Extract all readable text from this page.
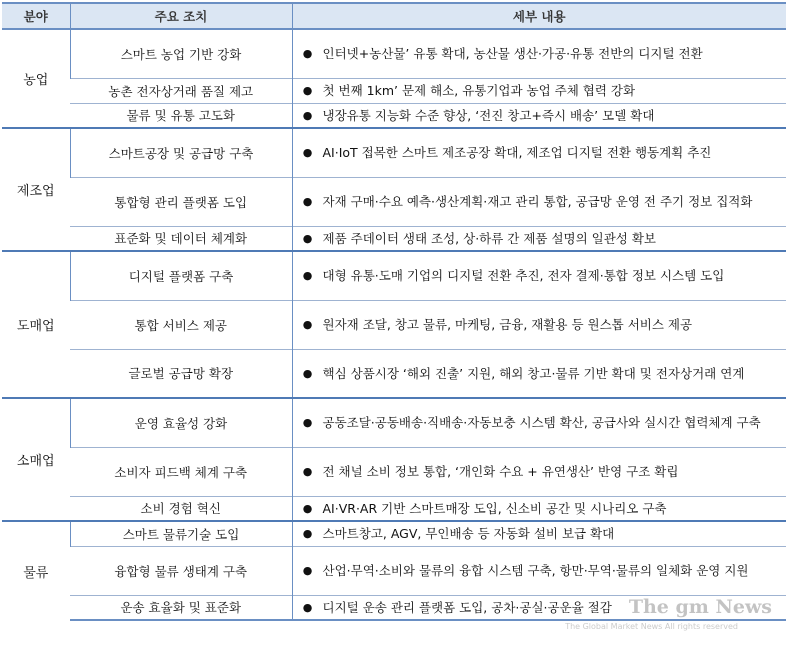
분야	주요 조치	세부 내용
농업	스마트 농업 기반 강화	● 인터넷+농산물’ 유통 확대, 농산물 생산·가공·유통 전반의 디지털 전환

	농촌 전자상거래 품질 제고	● 첫 번째 1km’ 문제 해소, 유통기업과 농업 주체 협력 강화

	물류 및 유통 고도화	● 냉장유통 지능화 수준 향상, ‘전진 창고+즉시 배송’ 모델 확대

제조업	스마트공장 및 공급망 구축	● AI·IoT 접목한 스마트 제조공장 확대, 제조업 디지털 전환 행동계획 추진

	통합형 관리 플랫폼 도입	● 자재 구매·수요 예측·생산계획·재고 관리 통합, 공급망 운영 전 주기 정보 집적화

	표준화 및 데이터 체계화	● 제품 주데이터 생태 조성, 상·하류 간 제품 설명의 일관성 확보

도매업	디지털 플랫폼 구축	● 대형 유통·도매 기업의 디지털 전환 추진, 전자 결제·통합 정보 시스템 도입

	통합 서비스 제공	● 원자재 조달, 창고 물류, 마케팅, 금융, 재활용 등 원스톱 서비스 제공

	글로벌 공급망 확장	● 핵심 상품시장 ‘해외 진출’ 지원, 해외 창고·물류 기반 확대 및 전자상거래 연계

소매업	운영 효율성 강화	● 공동조달·공동배송·직배송·자동보충 시스템 확산, 공급사와 실시간 협력체계 구축

	소비자 피드백 체계 구축	● 전 채널 소비 정보 통합, ‘개인화 수요 + 유연생산’ 반영 구조 확립

	소비 경험 혁신	● AI·VR·AR 기반 스마트매장 도입, 신소비 공간 및 시나리오 구축

물류	스마트 물류기술 도입	● 스마트창고, AGV, 무인배송 등 자동화 설비 보급 확대

	융합형 물류 생태계 구축	● 산업·무역·소비와 물류의 융합 시스템 구축, 항만·무역·물류의 일체화 운영 지원

	운송 효율화 및 표준화	● 디지털 운송 관리 플랫폼 도입, 공차·공실·공운율 절감 The gm News
The Global Market News All rights reserved
